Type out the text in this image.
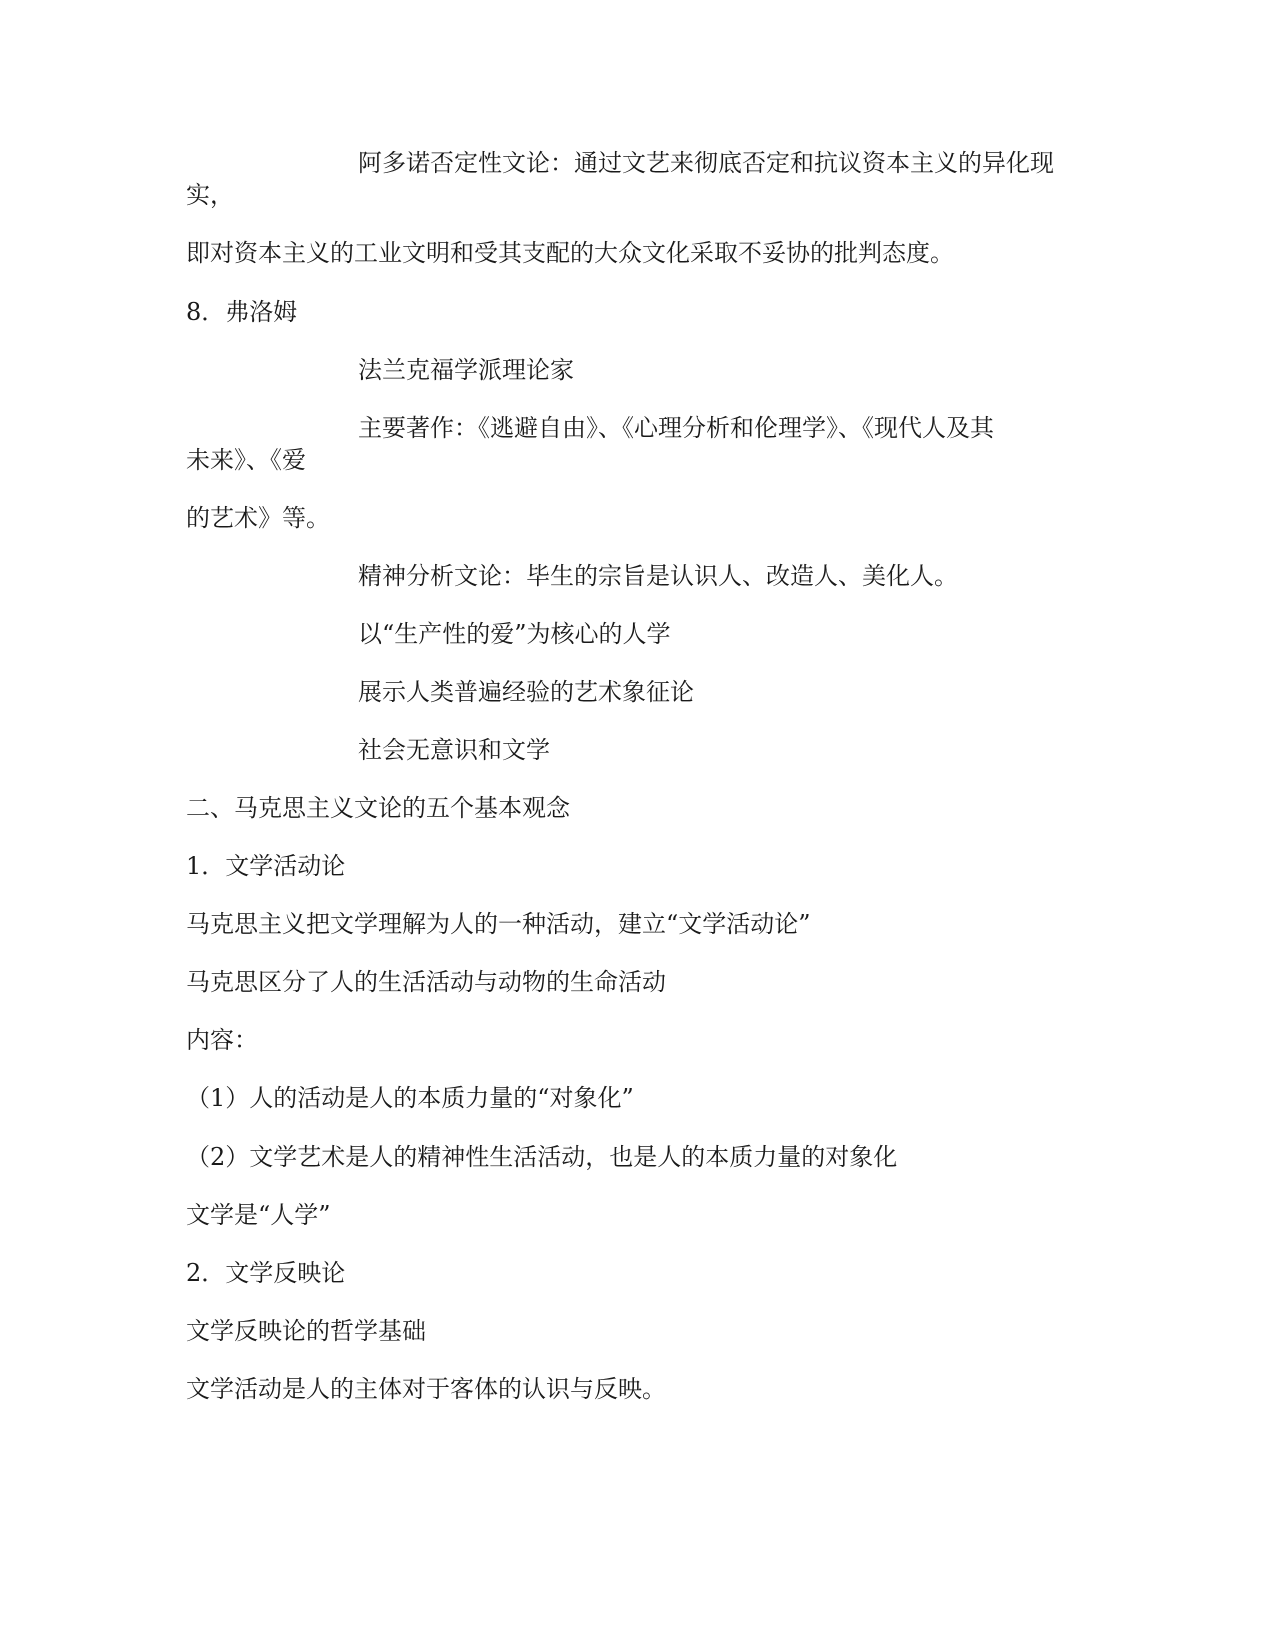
阿多诺否定性文论：通过文艺来彻底否定和抗议资本主义的异化现
实，
即对资本主义的工业文明和受其支配的大众文化采取不妥协的批判态度。
8．弗洛姆
法兰克福学派理论家
主要著作：《逃避自由》、《心理分析和伦理学》、《现代人及其
未来》、《爱
的艺术》等。
精神分析文论：毕生的宗旨是认识人、改造人、美化人。
以“生产性的爱”为核心的人学
展示人类普遍经验的艺术象征论
社会无意识和文学
二、马克思主义文论的五个基本观念
1．文学活动论
马克思主义把文学理解为人的一种活动，建立“文学活动论”
马克思区分了人的生活活动与动物的生命活动
内容：
（1）人的活动是人的本质力量的“对象化”
（2）文学艺术是人的精神性生活活动，也是人的本质力量的对象化
文学是“人学”
2．文学反映论
文学反映论的哲学基础
文学活动是人的主体对于客体的认识与反映。
